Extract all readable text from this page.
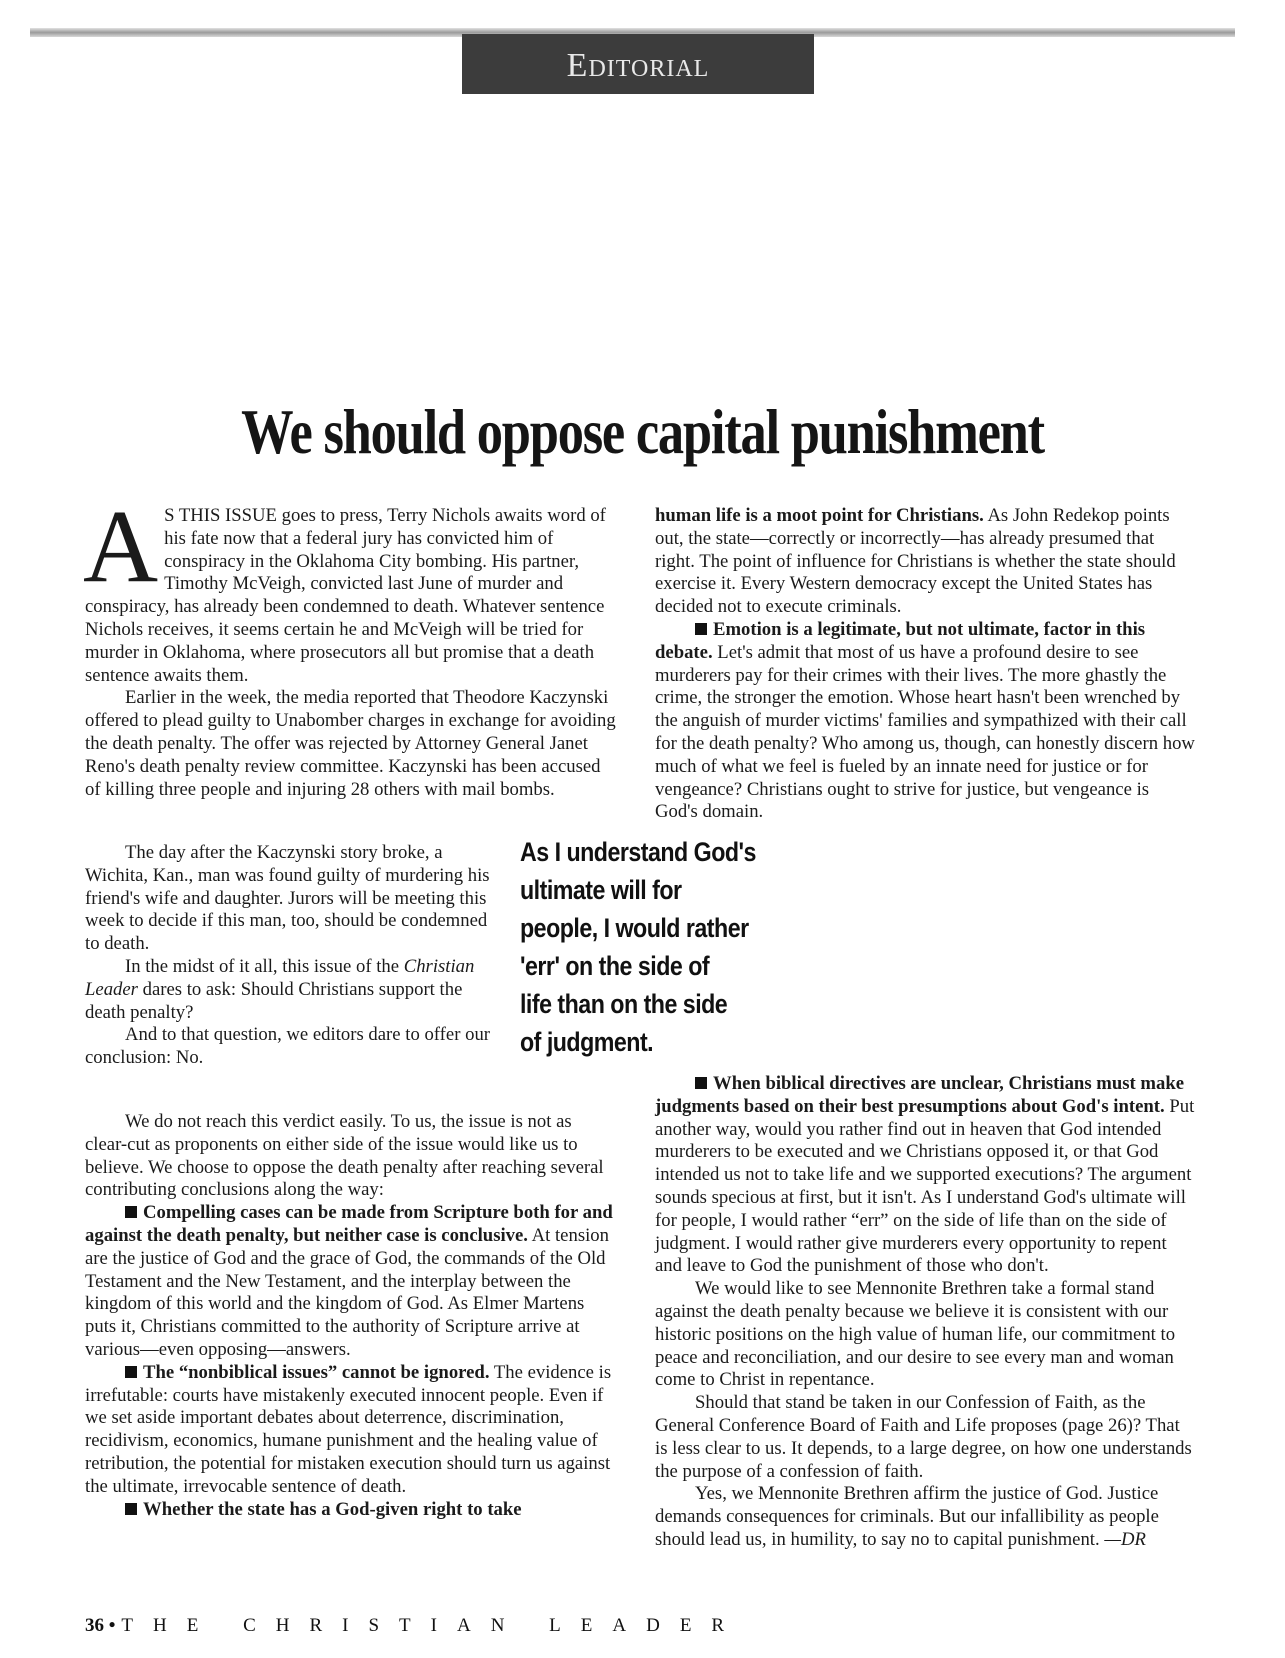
Editorial
We should oppose capital punishment

A S THIS ISSUE goes to press, Terry Nichols awaits word of his fate now that a federal jury has convicted him of conspiracy in the Oklahoma City bombing. His partner, Timothy McVeigh, convicted last June of murder and conspiracy, has already been condemned to death. Whatever sentence Nichols receives, it seems certain he and McVeigh will be tried for murder in Oklahoma, where prosecutors all but promise that a death sentence awaits them.

Earlier in the week, the media reported that Theodore Kaczynski offered to plead guilty to Unabomber charges in exchange for avoiding the death penalty. The offer was rejected by Attorney General Janet Reno's death penalty review committee. Kaczynski has been accused of killing three people and injuring 28 others with mail bombs.

The day after the Kaczynski story broke, a Wichita, Kan., man was found guilty of murdering his friend's wife and daughter. Jurors will be meeting this week to decide if this man, too, should be condemned to death.

In the midst of it all, this issue of the Christian Leader dares to ask: Should Christians support the death penalty?

And to that question, we editors dare to offer our conclusion: No.

We do not reach this verdict easily. To us, the issue is not as clear-cut as proponents on either side of the issue would like us to believe. We choose to oppose the death penalty after reaching several contributing conclusions along the way:

Compelling cases can be made from Scripture both for and against the death penalty, but neither case is conclusive. At tension are the justice of God and the grace of God, the commands of the Old Testament and the New Testament, and the interplay between the kingdom of this world and the kingdom of God. As Elmer Martens puts it, Christians committed to the authority of Scripture arrive at various—even opposing—answers.

The “nonbiblical issues” cannot be ignored. The evidence is irrefutable: courts have mistakenly executed innocent people. Even if we set aside important debates about deterrence, discrimination, recidivism, economics, humane punishment and the healing value of retribution, the potential for mistaken execution should turn us against the ultimate, irrevocable sentence of death.

Whether the state has a God-given right to take

As I understand God's
ultimate will for
people, I would rather
'err' on the side of
life than on the side
of judgment.

human life is a moot point for Christians. As John Redekop points out, the state—correctly or incorrectly—has already presumed that right. The point of influence for Christians is whether the state should exercise it. Every Western democracy except the United States has decided not to execute criminals.

Emotion is a legitimate, but not ultimate, factor in this debate. Let's admit that most of us have a profound desire to see murderers pay for their crimes with their lives. The more ghastly the crime, the stronger the emotion. Whose heart hasn't been wrenched by the anguish of murder victims' families and sympathized with their call for the death penalty? Who among us, though, can honestly discern how much of what we feel is fueled by an innate need for justice or for vengeance? Christians ought to strive for justice, but vengeance is God's domain.

When biblical directives are unclear, Christians must make judgments based on their best presumptions about God's intent. Put another way, would you rather find out in heaven that God intended murderers to be executed and we Christians opposed it, or that God intended us not to take life and we supported executions? The argument sounds specious at first, but it isn't. As I understand God's ultimate will for people, I would rather “err” on the side of life than on the side of judgment. I would rather give murderers every opportunity to repent and leave to God the punishment of those who don't.

We would like to see Mennonite Brethren take a formal stand against the death penalty because we believe it is consistent with our historic positions on the high value of human life, our commitment to peace and reconciliation, and our desire to see every man and woman come to Christ in repentance.

Should that stand be taken in our Confession of Faith, as the General Conference Board of Faith and Life proposes (page 26)? That is less clear to us. It depends, to a large degree, on how one understands the purpose of a confession of faith.

Yes, we Mennonite Brethren affirm the justice of God. Justice demands consequences for criminals. But our infallibility as people should lead us, in humility, to say no to capital punishment. —DR

36 • THE CHRISTIAN LEADER
